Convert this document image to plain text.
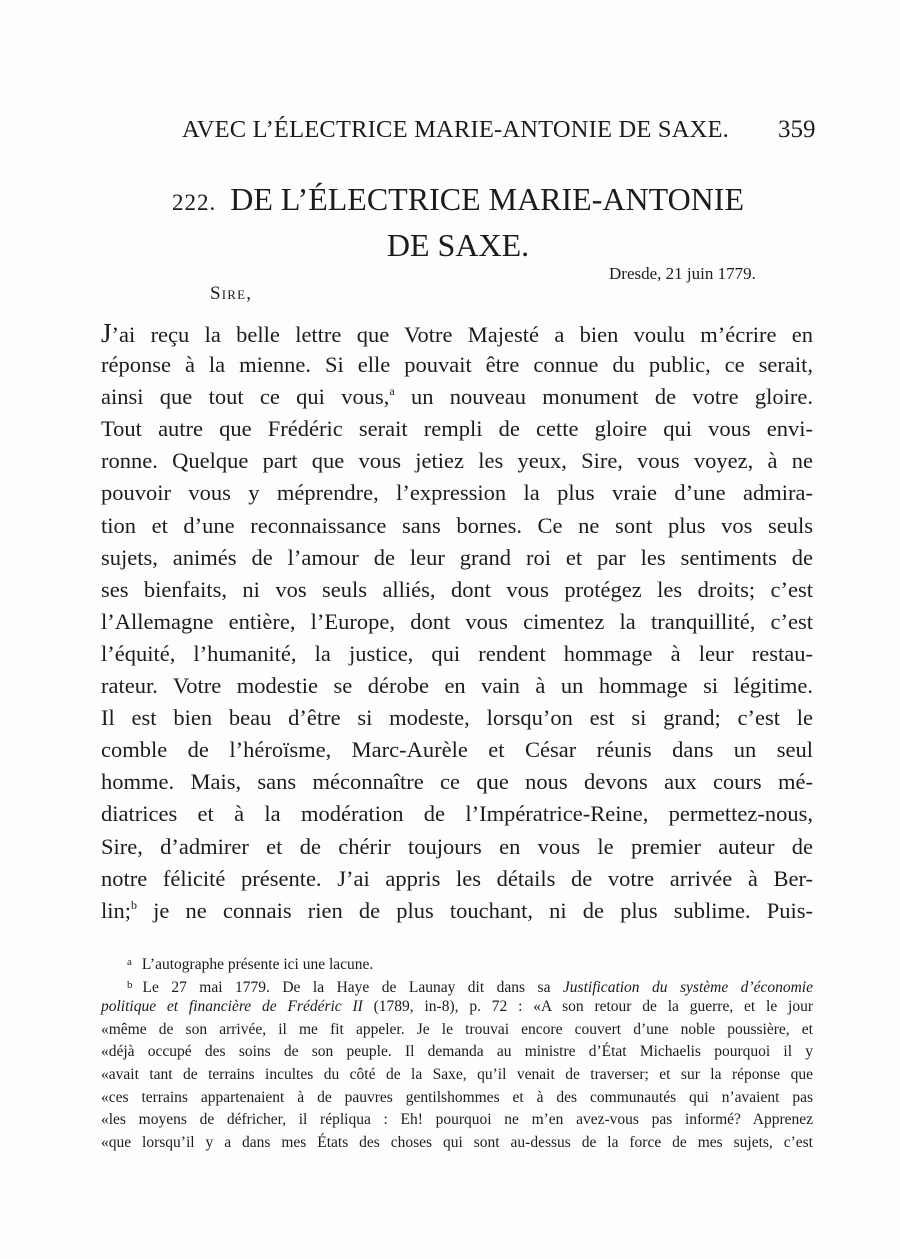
AVEC L’ÉLECTRICE MARIE-ANTONIE DE SAXE. 359
222. DE L’ÉLECTRICE MARIE-ANTONIE
DE SAXE.
Dresde, 21 juin 1779.
Sire,
J’ai reçu la belle lettre que Votre Majesté a bien voulu m’écrire en
réponse à la mienne. Si elle pouvait être connue du public, ce serait,
ainsi que tout ce qui vous,$^a$ un nouveau monument de votre gloire.
Tout autre que Frédéric serait rempli de cette gloire qui vous envi-
ronne. Quelque part que vous jetiez les yeux, Sire, vous voyez, à ne
pouvoir vous y méprendre, l’expression la plus vraie d’une admira-
tion et d’une reconnaissance sans bornes. Ce ne sont plus vos seuls
sujets, animés de l’amour de leur grand roi et par les sentiments de
ses bienfaits, ni vos seuls alliés, dont vous protégez les droits; c’est
l’Allemagne entière, l’Europe, dont vous cimentez la tranquillité, c’est
l’équité, l’humanité, la justice, qui rendent hommage à leur restau-
rateur. Votre modestie se dérobe en vain à un hommage si légitime.
Il est bien beau d’être si modeste, lorsqu’on est si grand; c’est le
comble de l’héroïsme, Marc-Aurèle et César réunis dans un seul
homme. Mais, sans méconnaître ce que nous devons aux cours mé-
diatrices et à la modération de l’Impératrice-Reine, permettez-nous,
Sire, d’admirer et de chérir toujours en vous le premier auteur de
notre félicité présente. J’ai appris les détails de votre arrivée à Ber-
lin;$^b$ je ne connais rien de plus touchant, ni de plus sublime. Puis-
$^a$ L’autographe présente ici une lacune.
$^b$ Le 27 mai 1779. De la Haye de Launay dit dans sa Justification du système d’économie
politique et financière de Frédéric II (1789, in-8), p. 72 : «A son retour de la guerre, et le jour
«même de son arrivée, il me fit appeler. Je le trouvai encore couvert d’une noble poussière, et
«déjà occupé des soins de son peuple. Il demanda au ministre d’État Michaelis pourquoi il y
«avait tant de terrains incultes du côté de la Saxe, qu’il venait de traverser; et sur la réponse que
«ces terrains appartenaient à de pauvres gentilshommes et à des communautés qui n’avaient pas
«les moyens de défricher, il répliqua : Eh! pourquoi ne m’en avez-vous pas informé? Apprenez
«que lorsqu’il y a dans mes États des choses qui sont au-dessus de la force de mes sujets, c’est
